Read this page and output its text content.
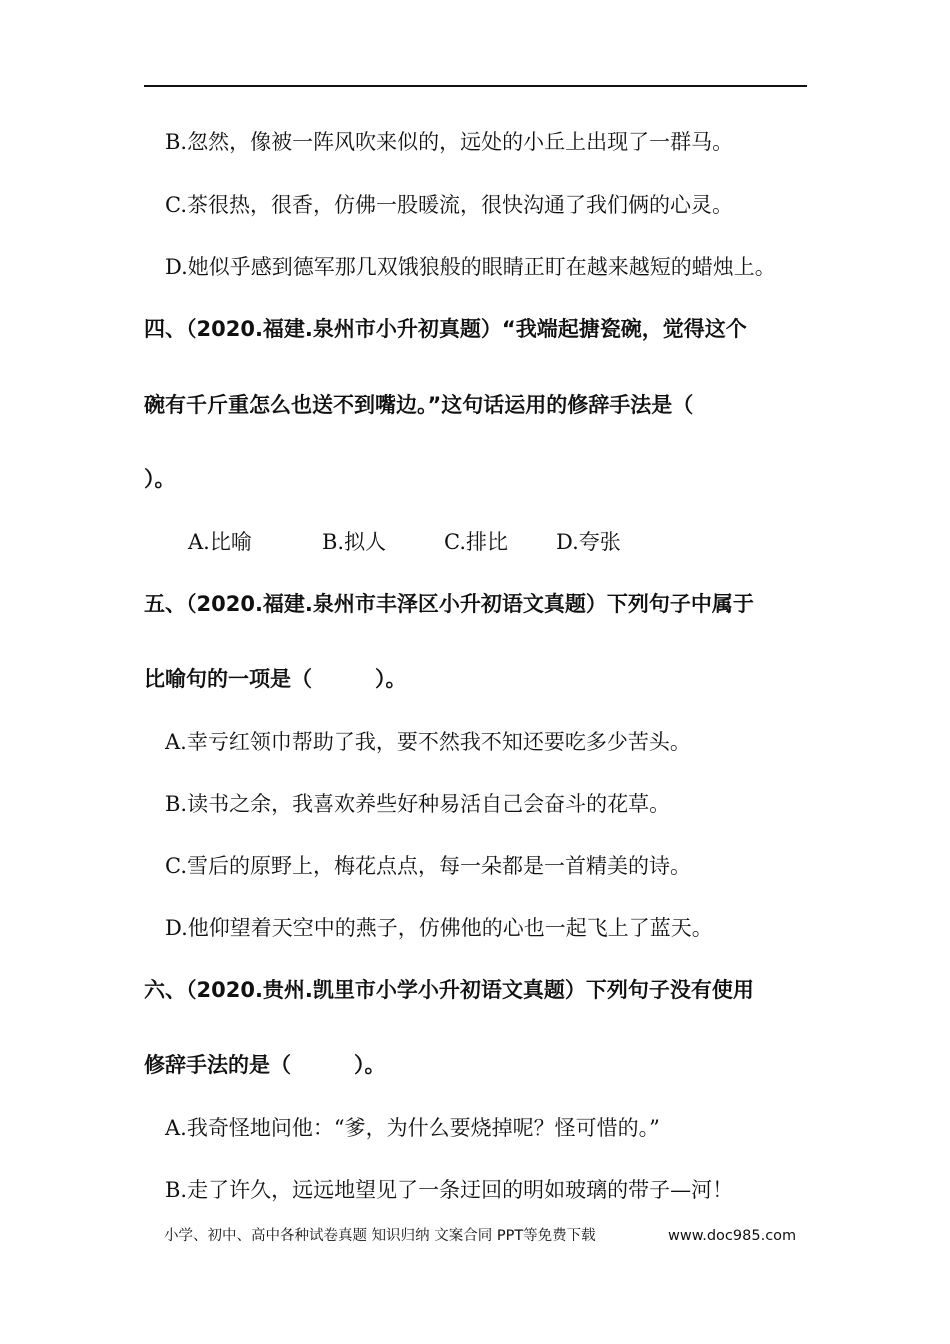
B.忽然，像被一阵风吹来似的，远处的小丘上出现了一群马。
C.茶很热，很香，仿佛一股暖流，很快沟通了我们俩的心灵。
D.她似乎感到德军那几双饿狼般的眼睛正盯在越来越短的蜡烛上。
四、（2020.福建.泉州市小升初真题）“我端起搪瓷碗，觉得这个
碗有千斤重怎么也送不到嘴边。”这句话运用的修辞手法是（
）。
A.比喻	B.拟人	C.排比 D.夸张
五、（2020.福建.泉州市丰泽区小升初语文真题）下列句子中属于
比喻句的一项是（　　　）。
A.幸亏红领巾帮助了我，要不然我不知还要吃多少苦头。
B.读书之余，我喜欢养些好种易活自己会奋斗的花草。
C.雪后的原野上，梅花点点，每一朵都是一首精美的诗。
D.他仰望着天空中的燕子，仿佛他的心也一起飞上了蓝天。
六、（2020.贵州.凯里市小学小升初语文真题）下列句子没有使用
修辞手法的是（　　　）。
A.我奇怪地问他：“爹，为什么要烧掉呢？怪可惜的。”
B.走了许久，远远地望见了一条迂回的明如玻璃的带子—河！
小学、初中、高中各种试卷真题 知识归纳 文案合同 PPT等免费下载	www.doc985.com
